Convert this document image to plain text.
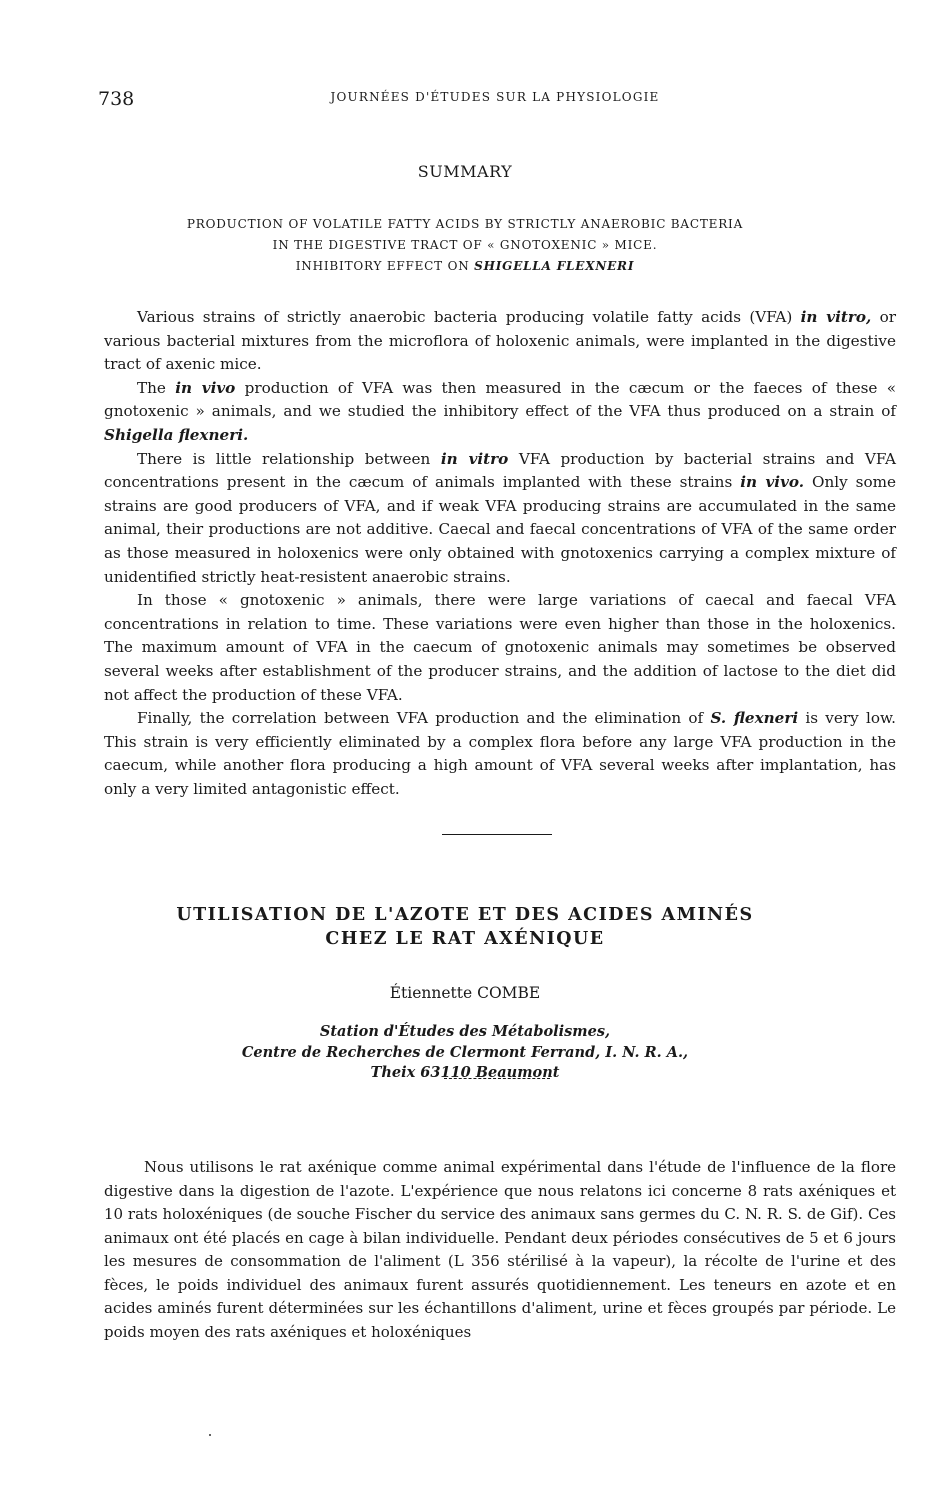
738	JOURNÉES D'ÉTUDES SUR LA PHYSIOLOGIE
SUMMARY
PRODUCTION OF VOLATILE FATTY ACIDS BY STRICTLY ANAEROBIC BACTERIA
IN THE DIGESTIVE TRACT OF « GNOTOXENIC » MICE.
INHIBITORY EFFECT ON SHIGELLA FLEXNERI

Various strains of strictly anaerobic bacteria producing volatile fatty acids (VFA) in vitro, or various bacterial mixtures from the microflora of holoxenic animals, were implanted in the digestive tract of axenic mice.

The in vivo production of VFA was then measured in the cæcum or the faeces of these « gnotoxenic » animals, and we studied the inhibitory effect of the VFA thus produced on a strain of Shigella flexneri.

There is little relationship between in vitro VFA production by bacterial strains and VFA concentrations present in the cæcum of animals implanted with these strains in vivo. Only some strains are good producers of VFA, and if weak VFA producing strains are accumulated in the same animal, their productions are not additive. Caecal and faecal concentrations of VFA of the same order as those measured in holoxenics were only obtained with gnotoxenics carrying a complex mixture of unidentified strictly heat-resistent anaerobic strains.

In those « gnotoxenic » animals, there were large variations of caecal and faecal VFA concentrations in relation to time. These variations were even higher than those in the holoxenics. The maximum amount of VFA in the caecum of gnotoxenic animals may sometimes be observed several weeks after establishment of the producer strains, and the addition of lactose to the diet did not affect the production of these VFA.

Finally, the correlation between VFA production and the elimination of S. flexneri is very low. This strain is very efficiently eliminated by a complex flora before any large VFA production in the caecum, while another flora producing a high amount of VFA several weeks after implantation, has only a very limited antagonistic effect.

UTILISATION DE L'AZOTE ET DES ACIDES AMINÉS
CHEZ LE RAT AXÉNIQUE
Étiennette COMBE
Station d'Études des Métabolismes,
Centre de Recherches de Clermont Ferrand, I. N. R. A.,
Theix 63110 Beaumont

Nous utilisons le rat axénique comme animal expérimental dans l'étude de l'influence de la flore digestive dans la digestion de l'azote. L'expérience que nous relatons ici concerne 8 rats axéniques et 10 rats holoxéniques (de souche Fischer du service des animaux sans germes du C. N. R. S. de Gif). Ces animaux ont été placés en cage à bilan individuelle. Pendant deux périodes consécutives de 5 et 6 jours les mesures de consommation de l'aliment (L 356 stérilisé à la vapeur), la récolte de l'urine et des fèces, le poids individuel des animaux furent assurés quotidiennement. Les teneurs en azote et en acides aminés furent déterminées sur les échantillons d'aliment, urine et fèces groupés par période. Le poids moyen des rats axéniques et holoxéniques
